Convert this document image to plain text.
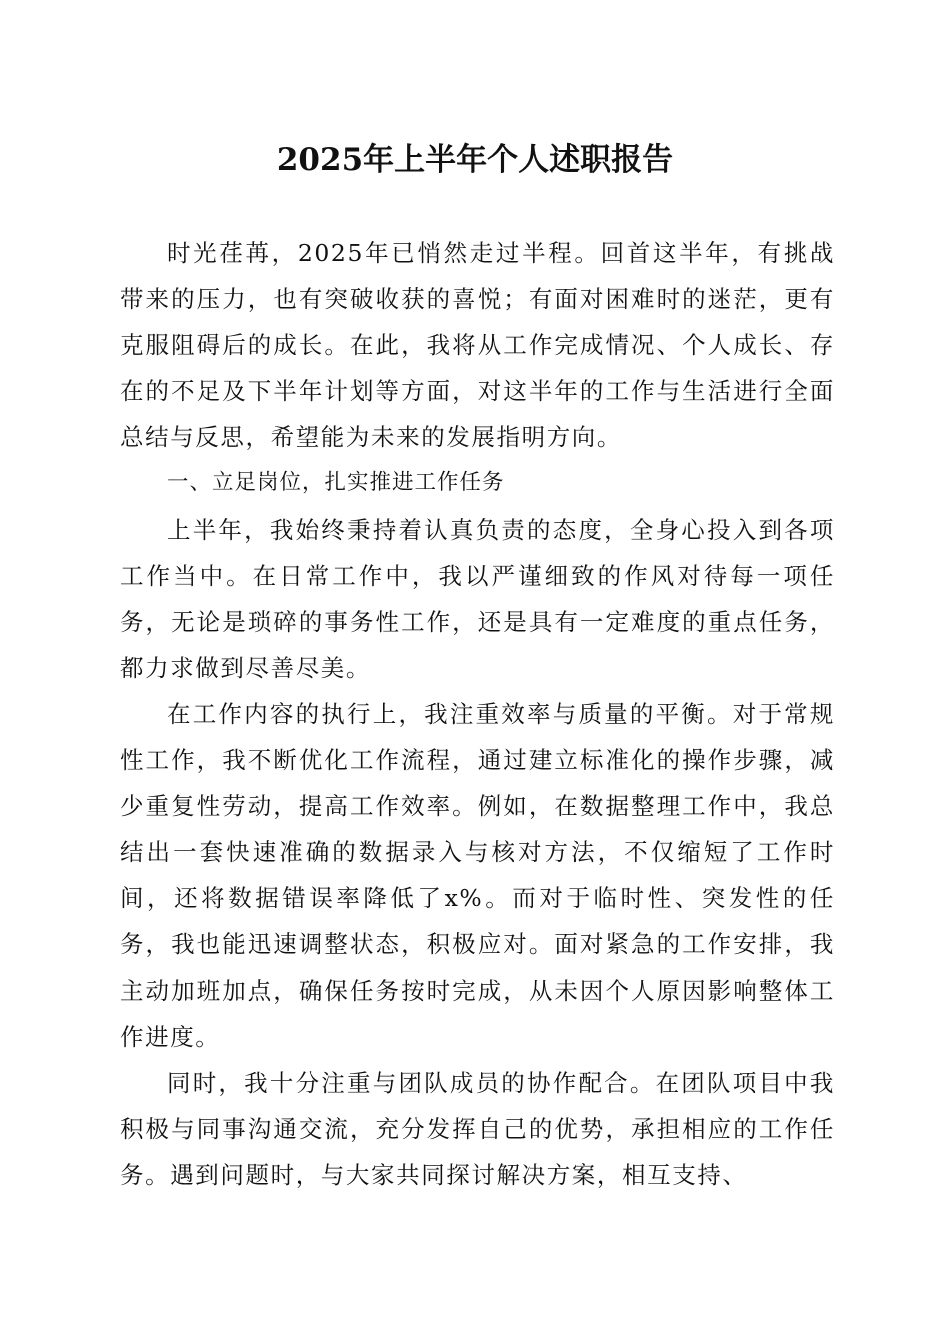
2025年上半年个人述职报告

时光荏苒，2025年已悄然走过半程。回首这半年，有挑战带来的压力，也有突破收获的喜悦；有面对困难时的迷茫，更有克服阻碍后的成长。在此，我将从工作完成情况、个人成长、存在的不足及下半年计划等方面，对这半年的工作与生活进行全面总结与反思，希望能为未来的发展指明方向。

一、立足岗位，扎实推进工作任务

上半年，我始终秉持着认真负责的态度，全身心投入到各项工作当中。在日常工作中，我以严谨细致的作风对待每一项任务，无论是琐碎的事务性工作，还是具有一定难度的重点任务，都力求做到尽善尽美。

在工作内容的执行上，我注重效率与质量的平衡。对于常规性工作，我不断优化工作流程，通过建立标准化的操作步骤，减少重复性劳动，提高工作效率。例如，在数据整理工作中，我总结出一套快速准确的数据录入与核对方法，不仅缩短了工作时间，还将数据错误率降低了x%。而对于临时性、突发性的任务，我也能迅速调整状态，积极应对。面对紧急的工作安排，我主动加班加点，确保任务按时完成，从未因个人原因影响整体工作进度。

同时，我十分注重与团队成员的协作配合。在团队项目中我积极与同事沟通交流，充分发挥自己的优势，承担相应的工作任务。遇到问题时，与大家共同探讨解决方案，相互支持、
